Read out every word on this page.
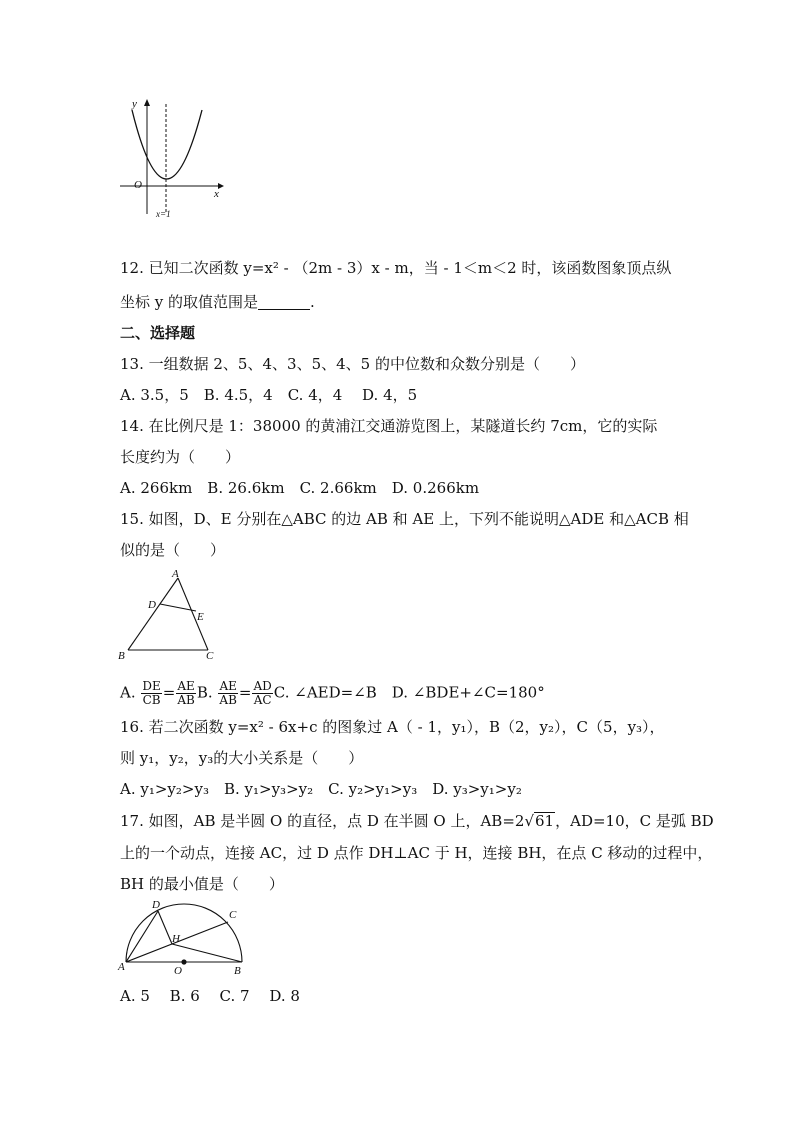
y
x
O
x=1
12. 已知二次函数 y=x² - （2m - 3）x - m，当 - 1＜m＜2 时，该函数图象顶点纵
坐标 y 的取值范围是	.
二、选择题
13. 一组数据 2、5、4、3、5、4、5 的中位数和众数分别是（　　）
A. 3.5，5　B. 4.5，4　C. 4，4　 D. 4，5
14. 在比例尺是 1：38000 的黄浦江交通游览图上，某隧道长约 7cm，它的实际
长度约为（　　）
A. 266km　B. 26.6km　C. 2.66km　D. 0.266km
15. 如图，D、E 分别在△ABC 的边 AB 和 AE 上，下列不能说明△ADE 和△ACB 相
似的是（　　）
A
B	C
D
E
A. $\frac{DE}{CB} = \frac{AE}{AB} B$. $\frac{AE}{AB} = \frac{AD}{AC} C$. ∠AED=∠B　D. ∠BDE+∠C=180°
16. 若二次函数 y=x² - 6x+c 的图象过 A（ - 1，y₁），B（2，y₂），C（5，y₃），
则 y₁，y₂，y₃的大小关系是（　　）
A. y₁>y₂>y₃　B. y₁>y₃>y₂　C. y₂>y₁>y₃　D. y₃>y₁>y₂
17. 如图，AB 是半圆 O 的直径，点 D 在半圆 O 上，AB=2√61，AD=10，C 是弧 BD
上的一个动点，连接 AC，过 D 点作 DH⊥AC 于 H，连接 BH，在点 C 移动的过程中，
BH 的最小值是（　　）
D
C
H
A	O	B
A. 5　 B. 6　 C. 7　 D. 8
